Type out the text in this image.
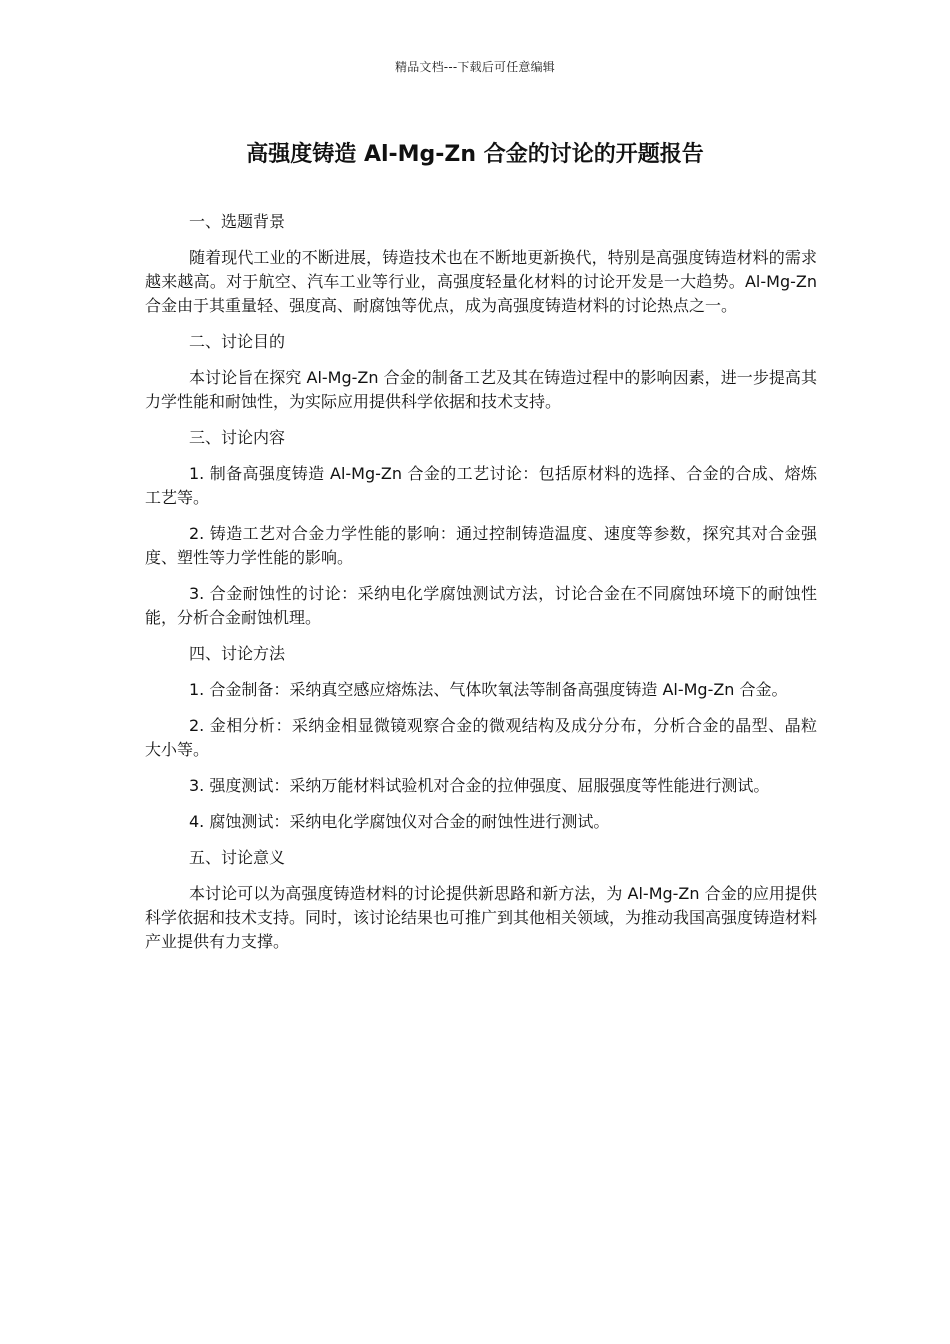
精品文档---下载后可任意编辑
高强度铸造 Al-Mg-Zn 合金的讨论的开题报告
一、选题背景

随着现代工业的不断进展，铸造技术也在不断地更新换代，特别是高强度铸造材料的需求越来越高。对于航空、汽车工业等行业，高强度轻量化材料的讨论开发是一大趋势。Al-Mg-Zn 合金由于其重量轻、强度高、耐腐蚀等优点，成为高强度铸造材料的讨论热点之一。

二、讨论目的

本讨论旨在探究 Al-Mg-Zn 合金的制备工艺及其在铸造过程中的影响因素，进一步提高其力学性能和耐蚀性，为实际应用提供科学依据和技术支持。

三、讨论内容

1. 制备高强度铸造 Al-Mg-Zn 合金的工艺讨论：包括原材料的选择、合金的合成、熔炼工艺等。

2. 铸造工艺对合金力学性能的影响：通过控制铸造温度、速度等参数，探究其对合金强度、塑性等力学性能的影响。

3. 合金耐蚀性的讨论：采纳电化学腐蚀测试方法，讨论合金在不同腐蚀环境下的耐蚀性能，分析合金耐蚀机理。

四、讨论方法

1. 合金制备：采纳真空感应熔炼法、气体吹氧法等制备高强度铸造 Al-Mg-Zn 合金。

2. 金相分析：采纳金相显微镜观察合金的微观结构及成分分布，分析合金的晶型、晶粒大小等。

3. 强度测试：采纳万能材料试验机对合金的拉伸强度、屈服强度等性能进行测试。

4. 腐蚀测试：采纳电化学腐蚀仪对合金的耐蚀性进行测试。

五、讨论意义

本讨论可以为高强度铸造材料的讨论提供新思路和新方法，为 Al-Mg-Zn 合金的应用提供科学依据和技术支持。同时，该讨论结果也可推广到其他相关领域，为推动我国高强度铸造材料产业提供有力支撑。
